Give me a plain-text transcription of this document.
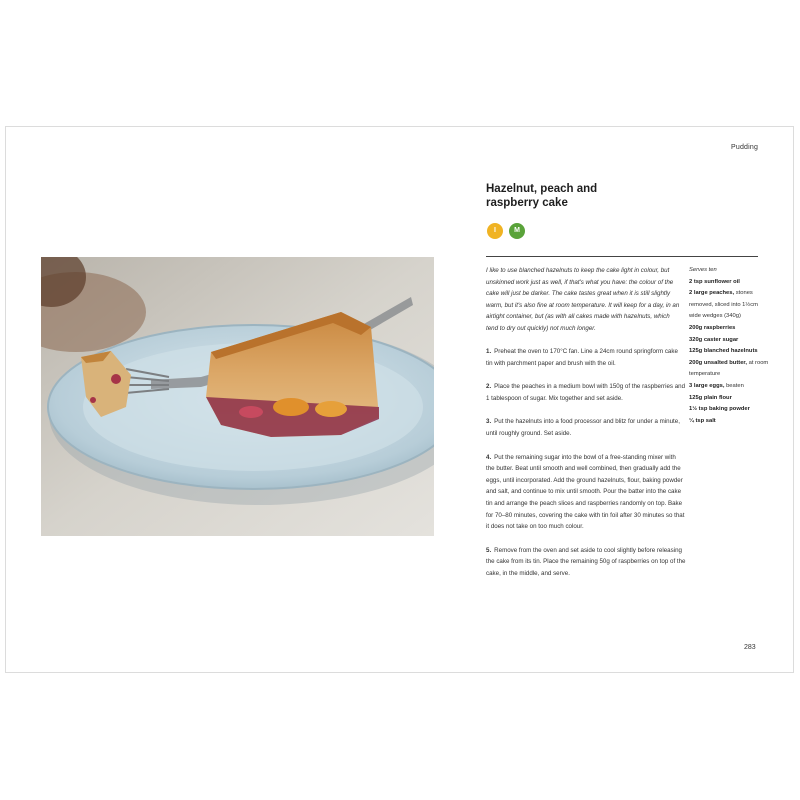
Pudding
Hazelnut, peach and
raspberry cake
I	M
I like to use blanched hazelnuts to keep the cake light in colour, but unskinned work just as well, if that's what you have: the colour of the cake will just be darker. The cake tastes great when it is still slightly warm, but it's also fine at room temperature. It will keep for a day, in an airtight container, but (as with all cakes made with hazelnuts, which tend to dry out quickly) not much longer.
1. Preheat the oven to 170°C fan. Line a 24cm round springform cake tin with parchment paper and brush with the oil.
2. Place the peaches in a medium bowl with 150g of the raspberries and 1 tablespoon of sugar. Mix together and set aside.
3. Put the hazelnuts into a food processor and blitz for under a minute, until roughly ground. Set aside.
4. Put the remaining sugar into the bowl of a free-standing mixer with the butter. Beat until smooth and well combined, then gradually add the eggs, until incorporated. Add the ground hazelnuts, flour, baking powder and salt, and continue to mix until smooth. Pour the batter into the cake tin and arrange the peach slices and raspberries randomly on top. Bake for 70–80 minutes, covering the cake with tin foil after 30 minutes so that it does not take on too much colour.
5. Remove from the oven and set aside to cool slightly before releasing the cake from its tin. Place the remaining 50g of raspberries on top of the cake, in the middle, and serve.
Serves ten
2 tsp sunflower oil
2 large peaches, stones removed, sliced into 1½cm wide wedges (340g)
200g raspberries
320g caster sugar
125g blanched hazelnuts
200g unsalted butter, at room temperature
3 large eggs, beaten
125g plain flour
1½ tsp baking powder
¼ tsp salt
283
